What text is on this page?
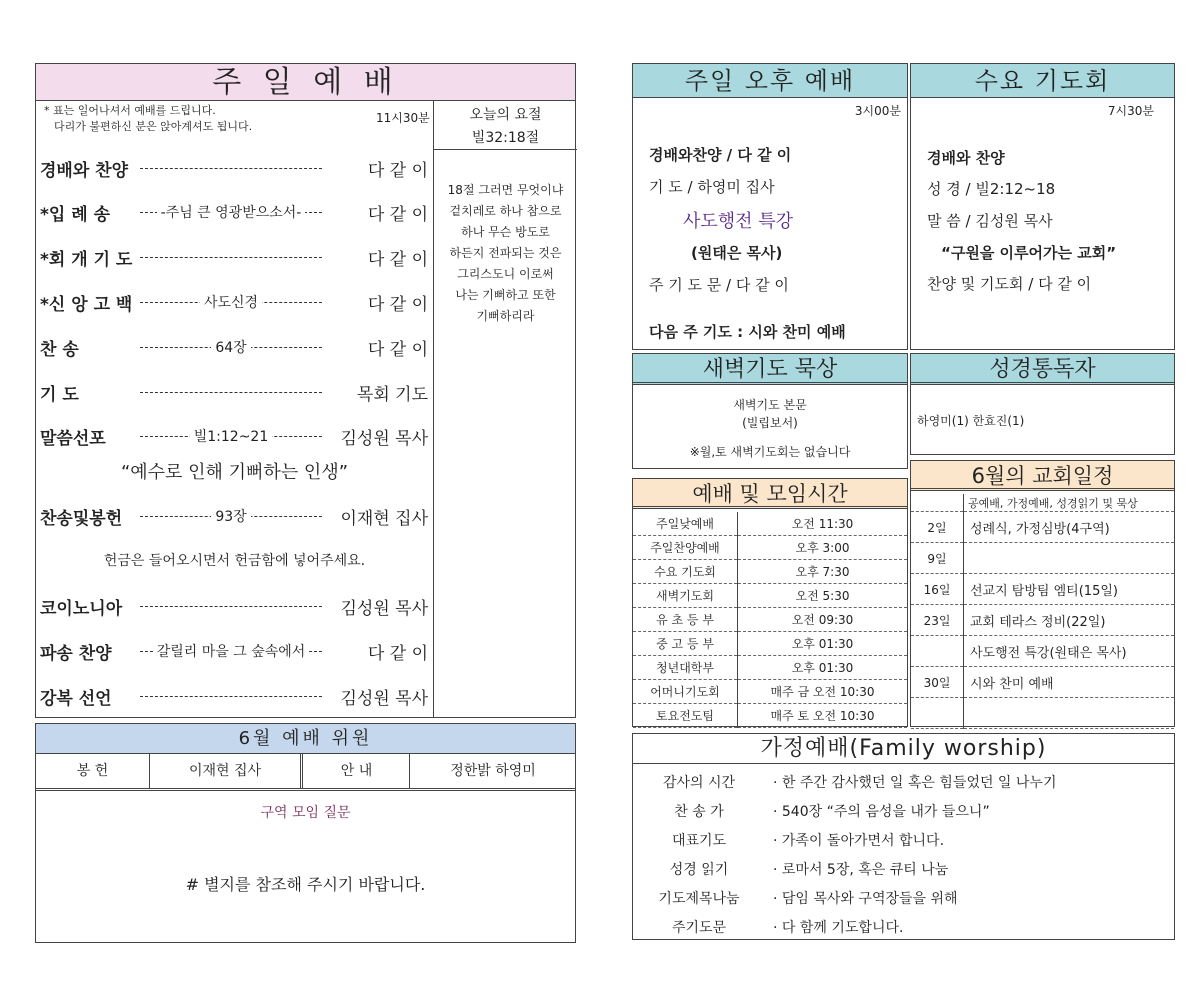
주 일 예 배
* 표는 일어나셔서 예배를 드립니다.
다리가 불편하신 분은 앉아계셔도 됩니다.
11시30분	오늘의 요절
빌32:18절
18절 그러면 무엇이냐
겉치레로 하나 참으로
하나 무슨 방도로
하든지 전파되는 것은
그리스도니 이로써
나는 기뻐하고 또한
기뻐하리라
경배와 찬양	다 같 이
*입 례 송	-주님 큰 영광받으소서-	다 같 이
*회 개 기 도	다 같 이
*신 앙 고 백	사도신경	다 같 이
찬 송	64장	다 같 이
기 도	목회 기도
말씀선포	빌1:12~21	김성원 목사
“예수로 인해 기뻐하는 인생”
찬송및봉헌	93장	이재현 집사
헌금은 들어오시면서 헌금함에 넣어주세요.
코이노니아	김성원 목사
파송 찬양	갈릴리 마을 그 숲속에서	다 같 이
강복 선언	김성원 목사
6월 예배 위원
봉 헌	이재현 집사	안 내	정한밝 하영미
구역 모임 질문
# 별지를 참조해 주시기 바랍니다.
주일 오후 예배
3시00분
경배와찬양 / 다 같 이
기 도 / 하영미 집사
사도행전 특강
(원태은 목사)
주 기 도 문 / 다 같 이
다음 주 기도 : 시와 찬미 예배
수요 기도회
7시30분
경배와 찬양
성 경 / 빌2:12~18
말 씀 / 김성원 목사
“구원을 이루어가는 교회”
찬양 및 기도회 / 다 같 이
새벽기도 묵상
새벽기도 본문
(빌립보서)
※월,토 새벽기도회는 없습니다
성경통독자
하영미(1) 한효진(1)
예배 및 모임시간
주일낮예배	오전 11:30
주일찬양예배	오후 3:00
수요 기도회	오후 7:30
새벽기도회	오전 5:30
유 초 등 부	오전 09:30
중 고 등 부	오후 01:30
청년대학부	오후 01:30
어머니기도회	매주 금 오전 10:30
토요전도팀	매주 토 오전 10:30
6월의 교회일정
	공예배, 가정예배, 성경읽기 및 묵상
2일	성례식, 가정심방(4구역)
9일	
16일	선교지 탐방팀 엠티(15일)
23일	교회 테라스 정비(22일)
	사도행전 특강(원태은 목사)
30일	시와 찬미 예배

가정예배(Family worship)
감사의 시간	· 한 주간 감사했던 일 혹은 힘들었던 일 나누기
찬 송 가	· 540장 “주의 음성을 내가 들으니”
대표기도	· 가족이 돌아가면서 합니다.
성경 읽기	· 로마서 5장, 혹은 큐티 나눔
기도제목나눔	· 담임 목사와 구역장들을 위해
주기도문	· 다 함께 기도합니다.
